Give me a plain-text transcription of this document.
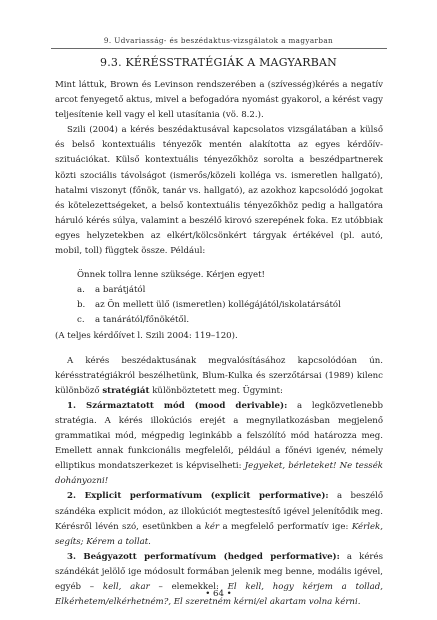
9. Udvariasság- és beszédaktus-vizsgálatok a magyarban
9.3. KÉRÉSSTRATÉGIÁK A MAGYARBAN

Mint láttuk, Brown és Levinson rendszerében a (szívesség)kérés a negatív arcot fenyegető aktus, mivel a befogadóra nyomást gyakorol, a kérést vagy teljesítenie kell vagy el kell utasítania (vö. 8.2.).

Szili (2004) a kérés beszédaktusával kapcsolatos vizsgálatában a külső és belső kontextuális tényezők mentén alakította az egyes kérdőív-szituációkat. Külső kontextuális tényezőkhöz sorolta a beszédpartnerek közti szociális távolságot (ismerős/közeli kolléga vs. ismeretlen hallgató), hatalmi viszonyt (főnök, tanár vs. hallgató), az azokhoz kapcsolódó jogokat és kötelezettségeket, a belső kontextuális tényezőkhöz pedig a hallgatóra háruló kérés súlya, valamint a beszélő kirovó szerepének foka. Ez utóbbiak egyes helyzetekben az elkért/kölcsönkért tárgyak értékével (pl. autó, mobil, toll) függtek össze. Például:

Önnek tollra lenne szüksége. Kérjen egyet!
a.	a barátjától
b.	az Ön mellett ülő (ismeretlen) kollégájától/iskolatársától
c.	a tanárától/főnökétől.
(A teljes kérdőívet l. Szili 2004: 119–120).

A kérés beszédaktusának megvalósításához kapcsolódóan ún. kérésstratégiákról beszélhetünk, Blum-Kulka és szerzőtársai (1989) kilenc különböző stratégiát különböztetett meg. Ügymint:

1. Származtatott mód (mood derivable): a legközvetlenebb stratégia. A kérés illokúciós erejét a megnyilatkozásban megjelenő grammatikai mód, mégpedig leginkább a felszólító mód határozza meg. Emellett annak funkcionális megfelelői, például a főnévi igenév, némely elliptikus mondatszerkezet is képviselheti: Jegyeket, bérleteket! Ne tessék dohányozni!

2. Explicit performatívum (explicit performative): a beszélő szándéka explicit módon, az illokúciót megtestesítő igével jelenítődik meg. Kérésről lévén szó, esetünkben a kér a megfelelő performatív ige: Kérlek, segíts; Kérem a tollat.

3. Beágyazott performatívum (hedged performative): a kérés szándékát jelölő ige módosult formában jelenik meg benne, modális igével, egyéb – kell, akar – elemekkel: El kell, hogy kérjem a tollad, Elkérhetem/elkérhetném?, El szeretném kérni/el akartam volna kérni.

• 64 •
